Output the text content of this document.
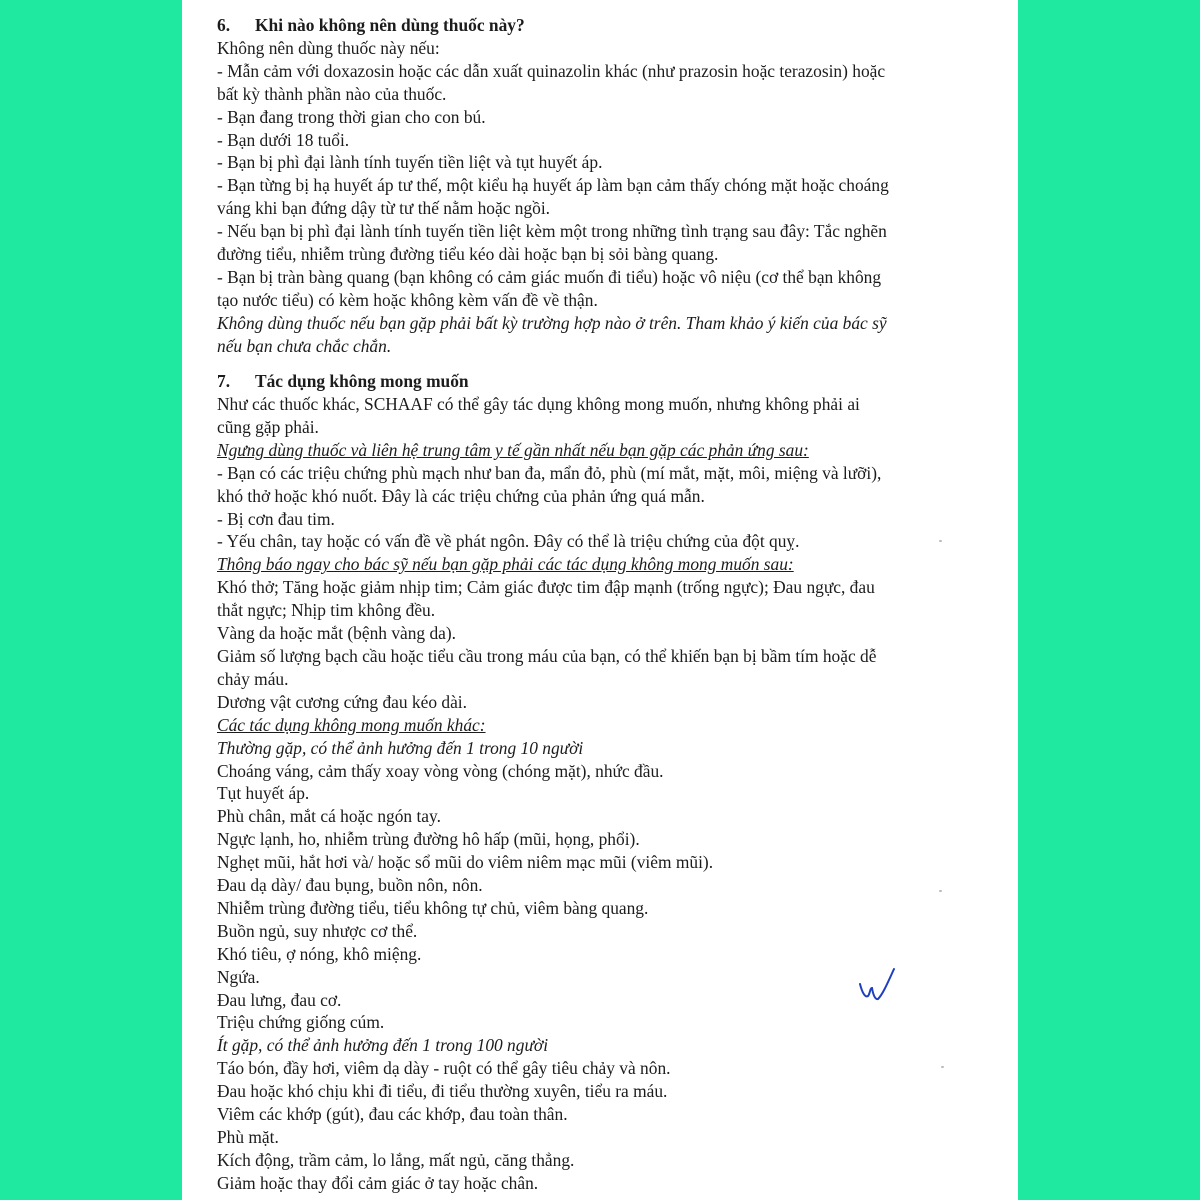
6. Khi nào không nên dùng thuốc này?

Không nên dùng thuốc này nếu:

- Mẫn cảm với doxazosin hoặc các dẫn xuất quinazolin khác (như prazosin hoặc terazosin) hoặc

bất kỳ thành phần nào của thuốc.

- Bạn đang trong thời gian cho con bú.

- Bạn dưới 18 tuổi.

- Bạn bị phì đại lành tính tuyến tiền liệt và tụt huyết áp.

- Bạn từng bị hạ huyết áp tư thế, một kiểu hạ huyết áp làm bạn cảm thấy chóng mặt hoặc choáng

váng khi bạn đứng dậy từ tư thế nằm hoặc ngồi.

- Nếu bạn bị phì đại lành tính tuyến tiền liệt kèm một trong những tình trạng sau đây: Tắc nghẽn

đường tiểu, nhiễm trùng đường tiểu kéo dài hoặc bạn bị sỏi bàng quang.

- Bạn bị tràn bàng quang (bạn không có cảm giác muốn đi tiểu) hoặc vô niệu (cơ thể bạn không

tạo nước tiểu) có kèm hoặc không kèm vấn đề về thận.

Không dùng thuốc nếu bạn gặp phải bất kỳ trường hợp nào ở trên. Tham khảo ý kiến của bác sỹ

nếu bạn chưa chắc chắn.

7. Tác dụng không mong muốn

Như các thuốc khác, SCHAAF có thể gây tác dụng không mong muốn, nhưng không phải ai

cũng gặp phải.

Ngưng dùng thuốc và liên hệ trung tâm y tế gần nhất nếu bạn gặp các phản ứng sau:

- Bạn có các triệu chứng phù mạch như ban đa, mẩn đỏ, phù (mí mắt, mặt, môi, miệng và lưỡi),

khó thở hoặc khó nuốt. Đây là các triệu chứng của phản ứng quá mẫn.

- Bị cơn đau tim.

- Yếu chân, tay hoặc có vấn đề về phát ngôn. Đây có thể là triệu chứng của đột quỵ.

Thông báo ngay cho bác sỹ nếu bạn gặp phải các tác dụng không mong muốn sau:

Khó thở; Tăng hoặc giảm nhịp tim; Cảm giác được tim đập mạnh (trống ngực); Đau ngực, đau

thắt ngực; Nhịp tim không đều.

Vàng da hoặc mắt (bệnh vàng da).

Giảm số lượng bạch cầu hoặc tiểu cầu trong máu của bạn, có thể khiến bạn bị bầm tím hoặc dễ

chảy máu.

Dương vật cương cứng đau kéo dài.

Các tác dụng không mong muốn khác:

Thường gặp, có thể ảnh hưởng đến 1 trong 10 người

Choáng váng, cảm thấy xoay vòng vòng (chóng mặt), nhức đầu.

Tụt huyết áp.

Phù chân, mắt cá hoặc ngón tay.

Ngực lạnh, ho, nhiễm trùng đường hô hấp (mũi, họng, phổi).

Nghẹt mũi, hắt hơi và/ hoặc sổ mũi do viêm niêm mạc mũi (viêm mũi).

Đau dạ dày/ đau bụng, buồn nôn, nôn.

Nhiễm trùng đường tiểu, tiểu không tự chủ, viêm bàng quang.

Buồn ngủ, suy nhược cơ thể.

Khó tiêu, ợ nóng, khô miệng.

Ngứa.

Đau lưng, đau cơ.

Triệu chứng giống cúm.

Ít gặp, có thể ảnh hưởng đến 1 trong 100 người

Táo bón, đầy hơi, viêm dạ dày - ruột có thể gây tiêu chảy và nôn.

Đau hoặc khó chịu khi đi tiểu, đi tiểu thường xuyên, tiểu ra máu.

Viêm các khớp (gút), đau các khớp, đau toàn thân.

Phù mặt.

Kích động, trầm cảm, lo lắng, mất ngủ, căng thẳng.

Giảm hoặc thay đổi cảm giác ở tay hoặc chân.
